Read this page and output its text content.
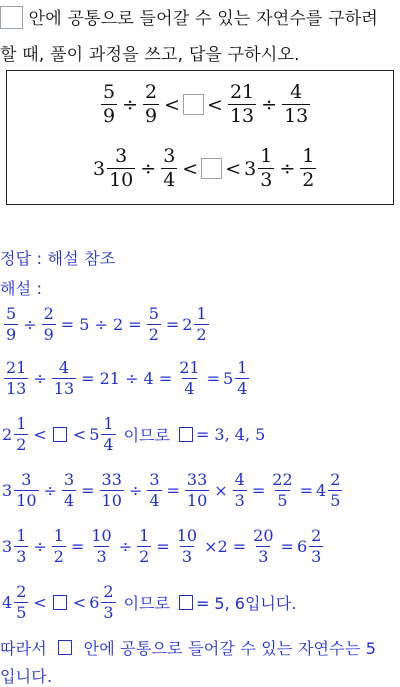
안에 공통으로 들어갈 수 있는 자연수를 구하려
할 때, 풀이 과정을 쓰고, 답을 구하시오.
$\frac{5}{9} \div \frac{2}{9}$ < < $\frac{21}{13} \div \frac{4}{13}$
$3 \frac{3}{10} \div \frac{3}{4}$ < < $3 \frac{1}{3} \div \frac{1}{2}$
정답 : 해설 참조
해설 :
$\frac{5}{9} \div \frac{2}{9} = 5 \div 2 = \frac{5}{2} = 2 \frac{1}{2}$
$\frac{21}{13} \div \frac{4}{13} = 21 \div 4 = \frac{21}{4} = 5 \frac{1}{4}$
$2 \frac{1}{2}$ < < $5 \frac{1}{4}$ 이므로 = 3, 4, 5
$3 \frac{3}{10} \div \frac{3}{4} = \frac{33}{10} \div \frac{3}{4} = \frac{33}{10} \times \frac{4}{3} = \frac{22}{5} = 4 \frac{2}{5}$
$3 \frac{1}{3} \div \frac{1}{2} = \frac{10}{3} \div \frac{1}{2} = \frac{10}{3} \times 2 = \frac{20}{3} = 6 \frac{2}{3}$
$4 \frac{2}{5}$ < < $6 \frac{2}{3}$ 이므로 = 5, 6입니다.
따라서 안에 공통으로 들어갈 수 있는 자연수는 5
입니다.
